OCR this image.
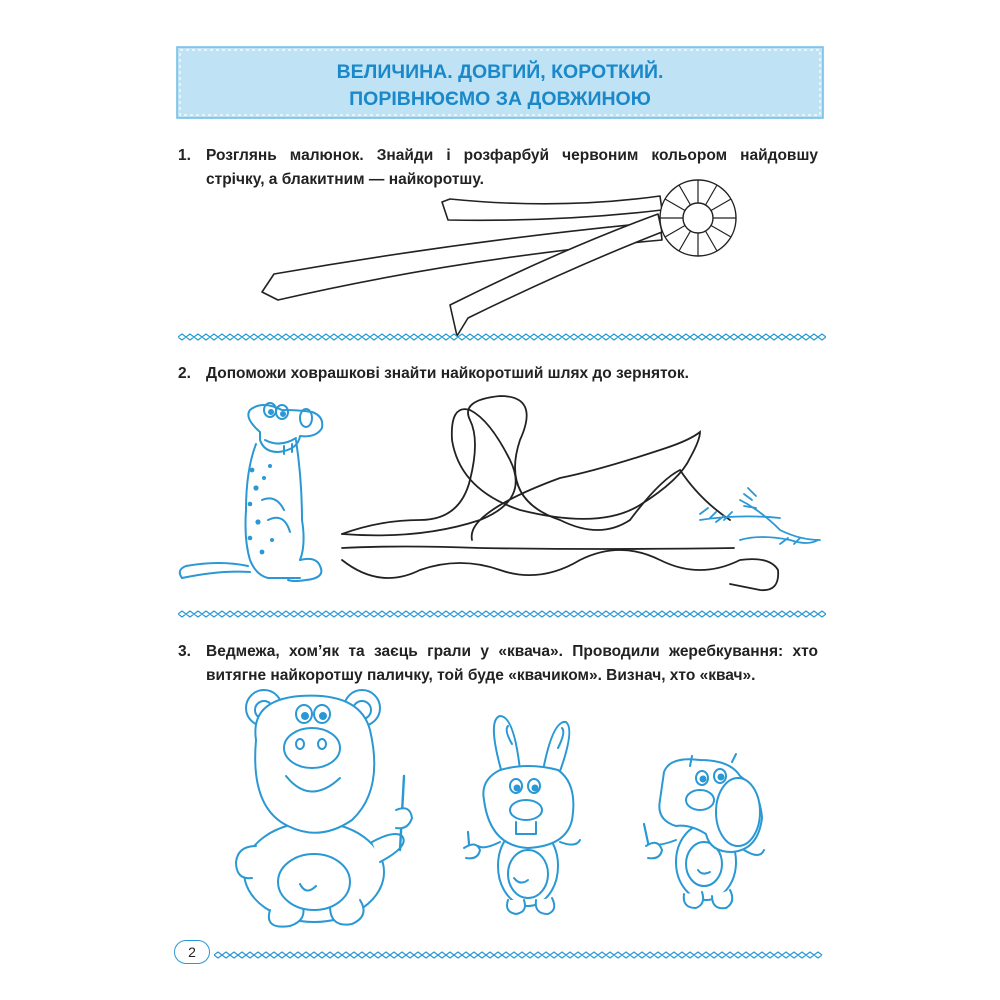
ВЕЛИЧИНА. ДОВГИЙ, КОРОТКИЙ.
ПОРІВНЮЄМО ЗА ДОВЖИНОЮ
1. Розглянь малюнок. Знайди і розфарбуй червоним кольором найдовшу стрічку, а блакитним — найкоротшу.
2. Допоможи ховрашкові знайти найкоротший шлях до зерняток.
3. Ведмежа, хом’як та заєць грали у «квача». Проводили жеребкування: хто витягне найкоротшу паличку, той буде «квачиком». Визнач, хто «квач».
2
